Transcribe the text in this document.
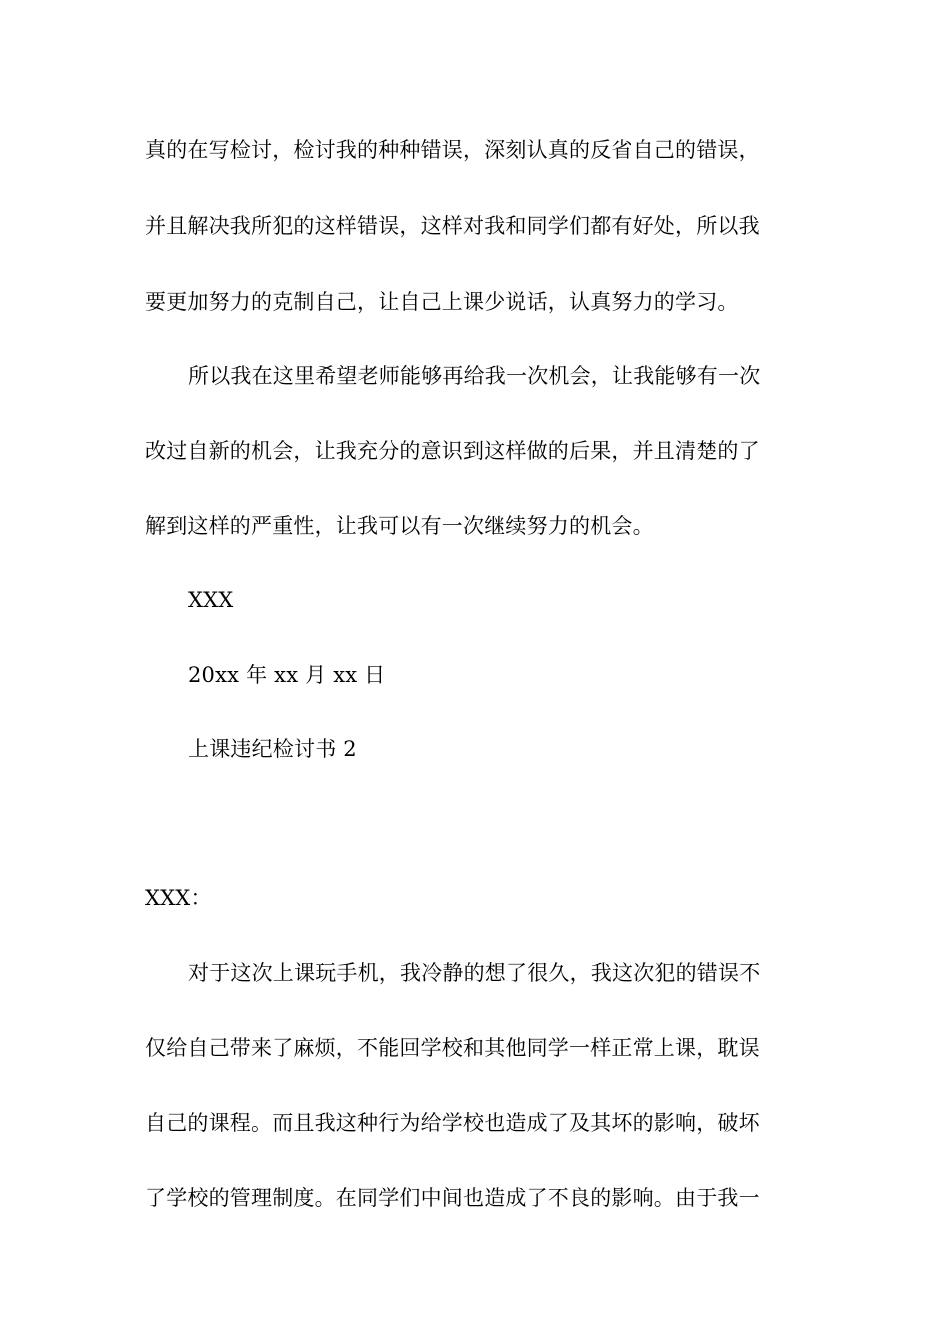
真的在写检讨，检讨我的种种错误，深刻认真的反省自己的错误，
并且解决我所犯的这样错误，这样对我和同学们都有好处，所以我
要更加努力的克制自己，让自己上课少说话，认真努力的学习。
所以我在这里希望老师能够再给我一次机会，让我能够有一次
改过自新的机会，让我充分的意识到这样做的后果，并且清楚的了
解到这样的严重性，让我可以有一次继续努力的机会。
XXX
20xx 年 xx 月 xx 日
上课违纪检讨书 2
XXX：
对于这次上课玩手机，我冷静的想了很久，我这次犯的错误不
仅给自己带来了麻烦，不能回学校和其他同学一样正常上课，耽误
自己的课程。而且我这种行为给学校也造成了及其坏的影响，破坏
了学校的管理制度。在同学们中间也造成了不良的影响。由于我一
